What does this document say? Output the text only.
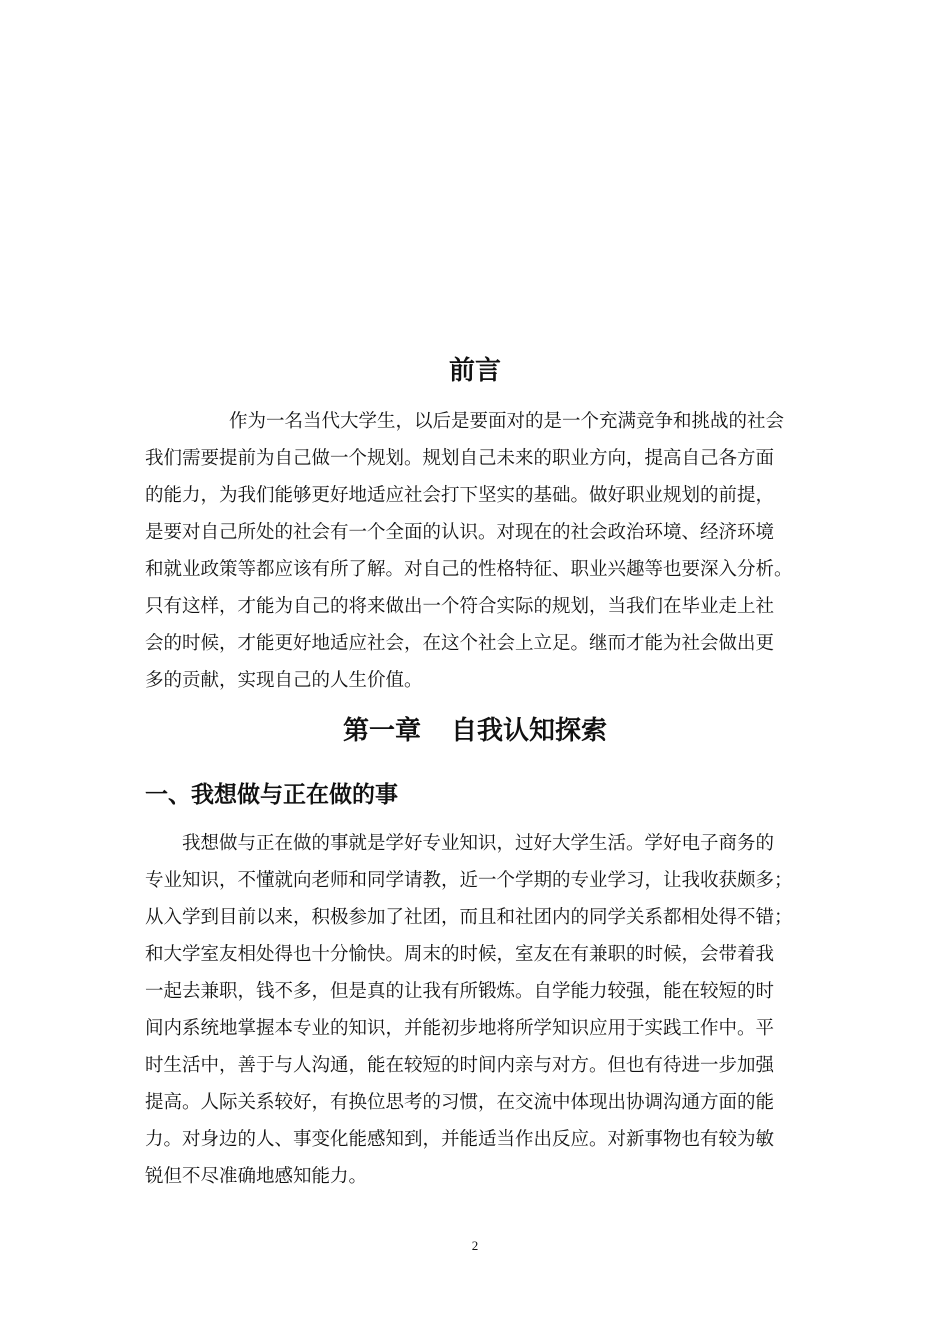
前言
作为一名当代大学生，以后是要面对的是一个充满竞争和挑战的社会
我们需要提前为自己做一个规划。规划自己未来的职业方向，提高自己各方面
的能力，为我们能够更好地适应社会打下坚实的基础。做好职业规划的前提，
是要对自己所处的社会有一个全面的认识。对现在的社会政治环境、经济环境
和就业政策等都应该有所了解。对自己的性格特征、职业兴趣等也要深入分析。
只有这样，才能为自己的将来做出一个符合实际的规划，当我们在毕业走上社
会的时候，才能更好地适应社会，在这个社会上立足。继而才能为社会做出更
多的贡献，实现自己的人生价值。
第一章 自我认知探索
一、我想做与正在做的事
我想做与正在做的事就是学好专业知识，过好大学生活。学好电子商务的
专业知识，不懂就向老师和同学请教，近一个学期的专业学习，让我收获颇多；
从入学到目前以来，积极参加了社团，而且和社团内的同学关系都相处得不错；
和大学室友相处得也十分愉快。周末的时候，室友在有兼职的时候，会带着我
一起去兼职，钱不多，但是真的让我有所锻炼。自学能力较强，能在较短的时
间内系统地掌握本专业的知识，并能初步地将所学知识应用于实践工作中。平
时生活中，善于与人沟通，能在较短的时间内亲与对方。但也有待进一步加强
提高。人际关系较好，有换位思考的习惯，在交流中体现出协调沟通方面的能
力。对身边的人、事变化能感知到，并能适当作出反应。对新事物也有较为敏
锐但不尽准确地感知能力。
2
